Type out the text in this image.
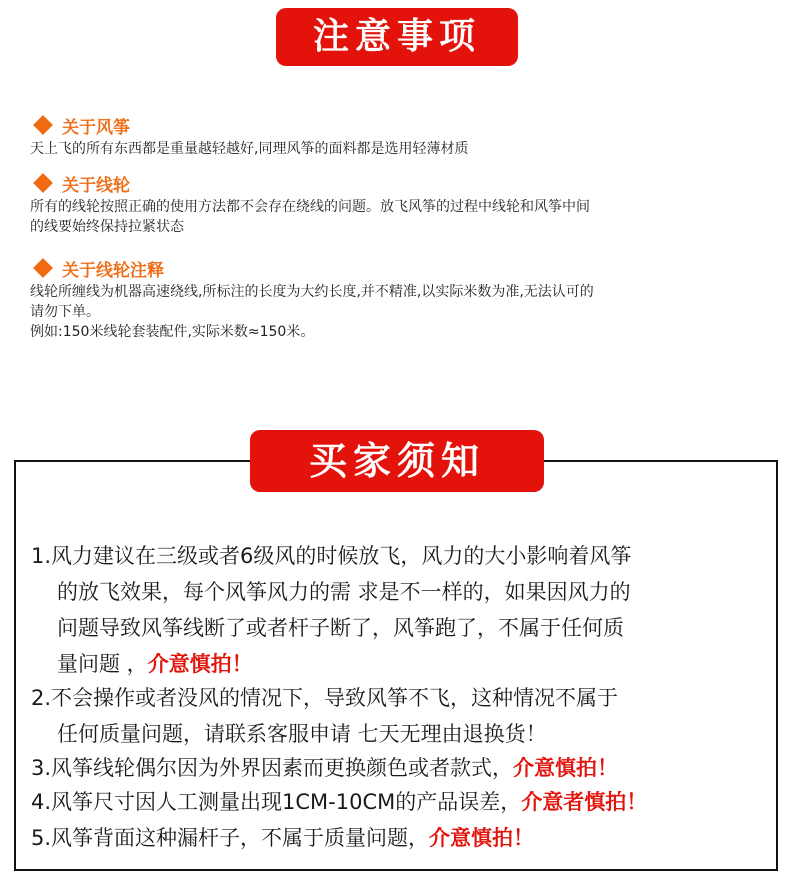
注意事项
关于风筝

天上飞的所有东西都是重量越轻越好,同理风筝的面料都是选用轻薄材质

关于线轮

所有的线轮按照正确的使用方法都不会存在绕线的问题。放飞风筝的过程中线轮和风筝中间

的线要始终保持拉紧状态

关于线轮注释

线轮所缠线为机器高速绕线,所标注的长度为大约长度,并不精准,以实际米数为准,无法认可的

请勿下单。

例如:150米线轮套装配件,实际米数≈150米。

买家须知
1.风力建议在三级或者6级风的时候放飞，风力的大小影响着风筝
的放飞效果，每个风筝风力的需 求是不一样的，如果因风力的
问题导致风筝线断了或者杆子断了，风筝跑了，不属于任何质
量问题 ，介意慎拍！
2.不会操作或者没风的情况下，导致风筝不飞，这种情况不属于
任何质量问题，请联系客服申请 七天无理由退换货！
3.风筝线轮偶尔因为外界因素而更换颜色或者款式，介意慎拍！
4.风筝尺寸因人工测量出现1CM-10CM的产品误差，介意者慎拍！
5.风筝背面这种漏杆子，不属于质量问题，介意慎拍！
